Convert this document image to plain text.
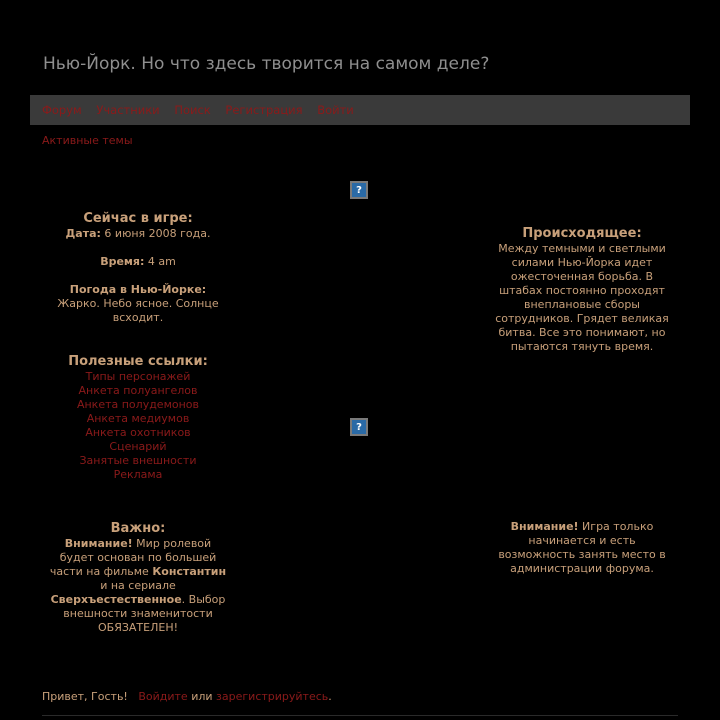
Нью-Йорк. Но что здесь творится на самом деле?
Форум Участники Поиск Регистрация Войти
Активные темы
?
?
Сейчас в игре:
Дата: 6 июня 2008 года.
Время: 4 am
Погода в Нью-Йорке:
Жарко. Небо ясное. Солнце
всходит.
Полезные ссылки:
Типы персонажей
Анкета полуангелов
Анкета полудемонов
Анкета медиумов
Анкета охотников
Сценарий
Занятые внешности
Реклама
Важно:
Внимание! Мир ролевой
будет основан по большей
части на фильме Константин
и на сериале
Сверхъестественное. Выбор
внешности знаменитости
ОБЯЗАТЕЛЕН!
Происходящее:
Между темными и светлыми
силами Нью-Йорка идет
ожесточенная борьба. В
штабах постоянно проходят
внеплановые сборы
сотрудников. Грядет великая
битва. Все это понимают, но
пытаются тянуть время.
Внимание! Игра только
начинается и есть
возможность занять место в
администрации форума.
Привет, Гость! Войдите или зарегистрируйтесь.
